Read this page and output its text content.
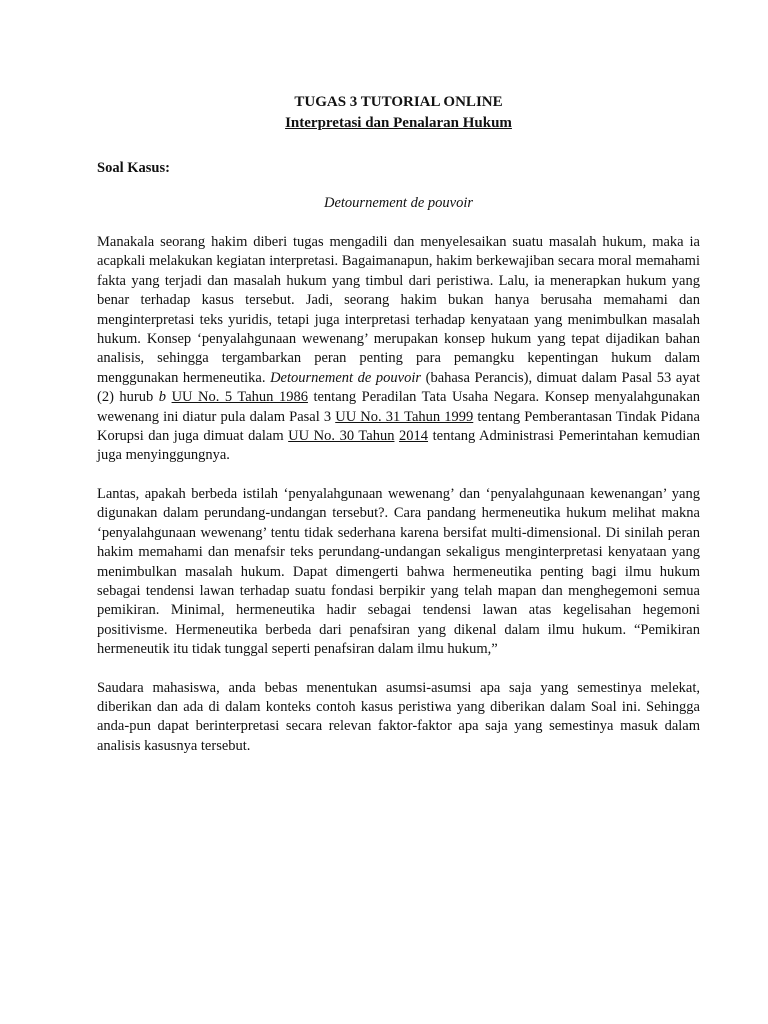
TUGAS 3 TUTORIAL ONLINE
Interpretasi dan Penalaran Hukum
Soal Kasus:
Detournement de pouvoir

Manakala seorang hakim diberi tugas mengadili dan menyelesaikan suatu masalah hukum, maka ia acapkali melakukan kegiatan interpretasi. Bagaimanapun, hakim berkewajiban secara moral memahami fakta yang terjadi dan masalah hukum yang timbul dari peristiwa. Lalu, ia menerapkan hukum yang benar terhadap kasus tersebut. Jadi, seorang hakim bukan hanya berusaha memahami dan menginterpretasi teks yuridis, tetapi juga interpretasi terhadap kenyataan yang menimbulkan masalah hukum. Konsep ‘penyalahgunaan wewenang’ merupakan konsep hukum yang tepat dijadikan bahan analisis, sehingga tergambarkan peran penting para pemangku kepentingan hukum dalam menggunakan hermeneutika. Detournement de pouvoir (bahasa Perancis), dimuat dalam Pasal 53 ayat (2) hurub b UU No. 5 Tahun 1986 tentang Peradilan Tata Usaha Negara. Konsep menyalahgunakan wewenang ini diatur pula dalam Pasal 3 UU No. 31 Tahun 1999 tentang Pemberantasan Tindak Pidana Korupsi dan juga dimuat dalam UU No. 30 Tahun 2014 tentang Administrasi Pemerintahan kemudian juga menyinggungnya.

Lantas, apakah berbeda istilah ‘penyalahgunaan wewenang’ dan ‘penyalahgunaan kewenangan’ yang digunakan dalam perundang-undangan tersebut?. Cara pandang hermeneutika hukum melihat makna ‘penyalahgunaan wewenang’ tentu tidak sederhana karena bersifat multi-dimensional. Di sinilah peran hakim memahami dan menafsir teks perundang-undangan sekaligus menginterpretasi kenyataan yang menimbulkan masalah hukum. Dapat dimengerti bahwa hermeneutika penting bagi ilmu hukum sebagai tendensi lawan terhadap suatu fondasi berpikir yang telah mapan dan menghegemoni semua pemikiran. Minimal, hermeneutika hadir sebagai tendensi lawan atas kegelisahan hegemoni positivisme. Hermeneutika berbeda dari penafsiran yang dikenal dalam ilmu hukum. “Pemikiran hermeneutik itu tidak tunggal seperti penafsiran dalam ilmu hukum,”

Saudara mahasiswa, anda bebas menentukan asumsi-asumsi apa saja yang semestinya melekat, diberikan dan ada di dalam konteks contoh kasus peristiwa yang diberikan dalam Soal ini. Sehingga anda-pun dapat berinterpretasi secara relevan faktor-faktor apa saja yang semestinya masuk dalam analisis kasusnya tersebut.
